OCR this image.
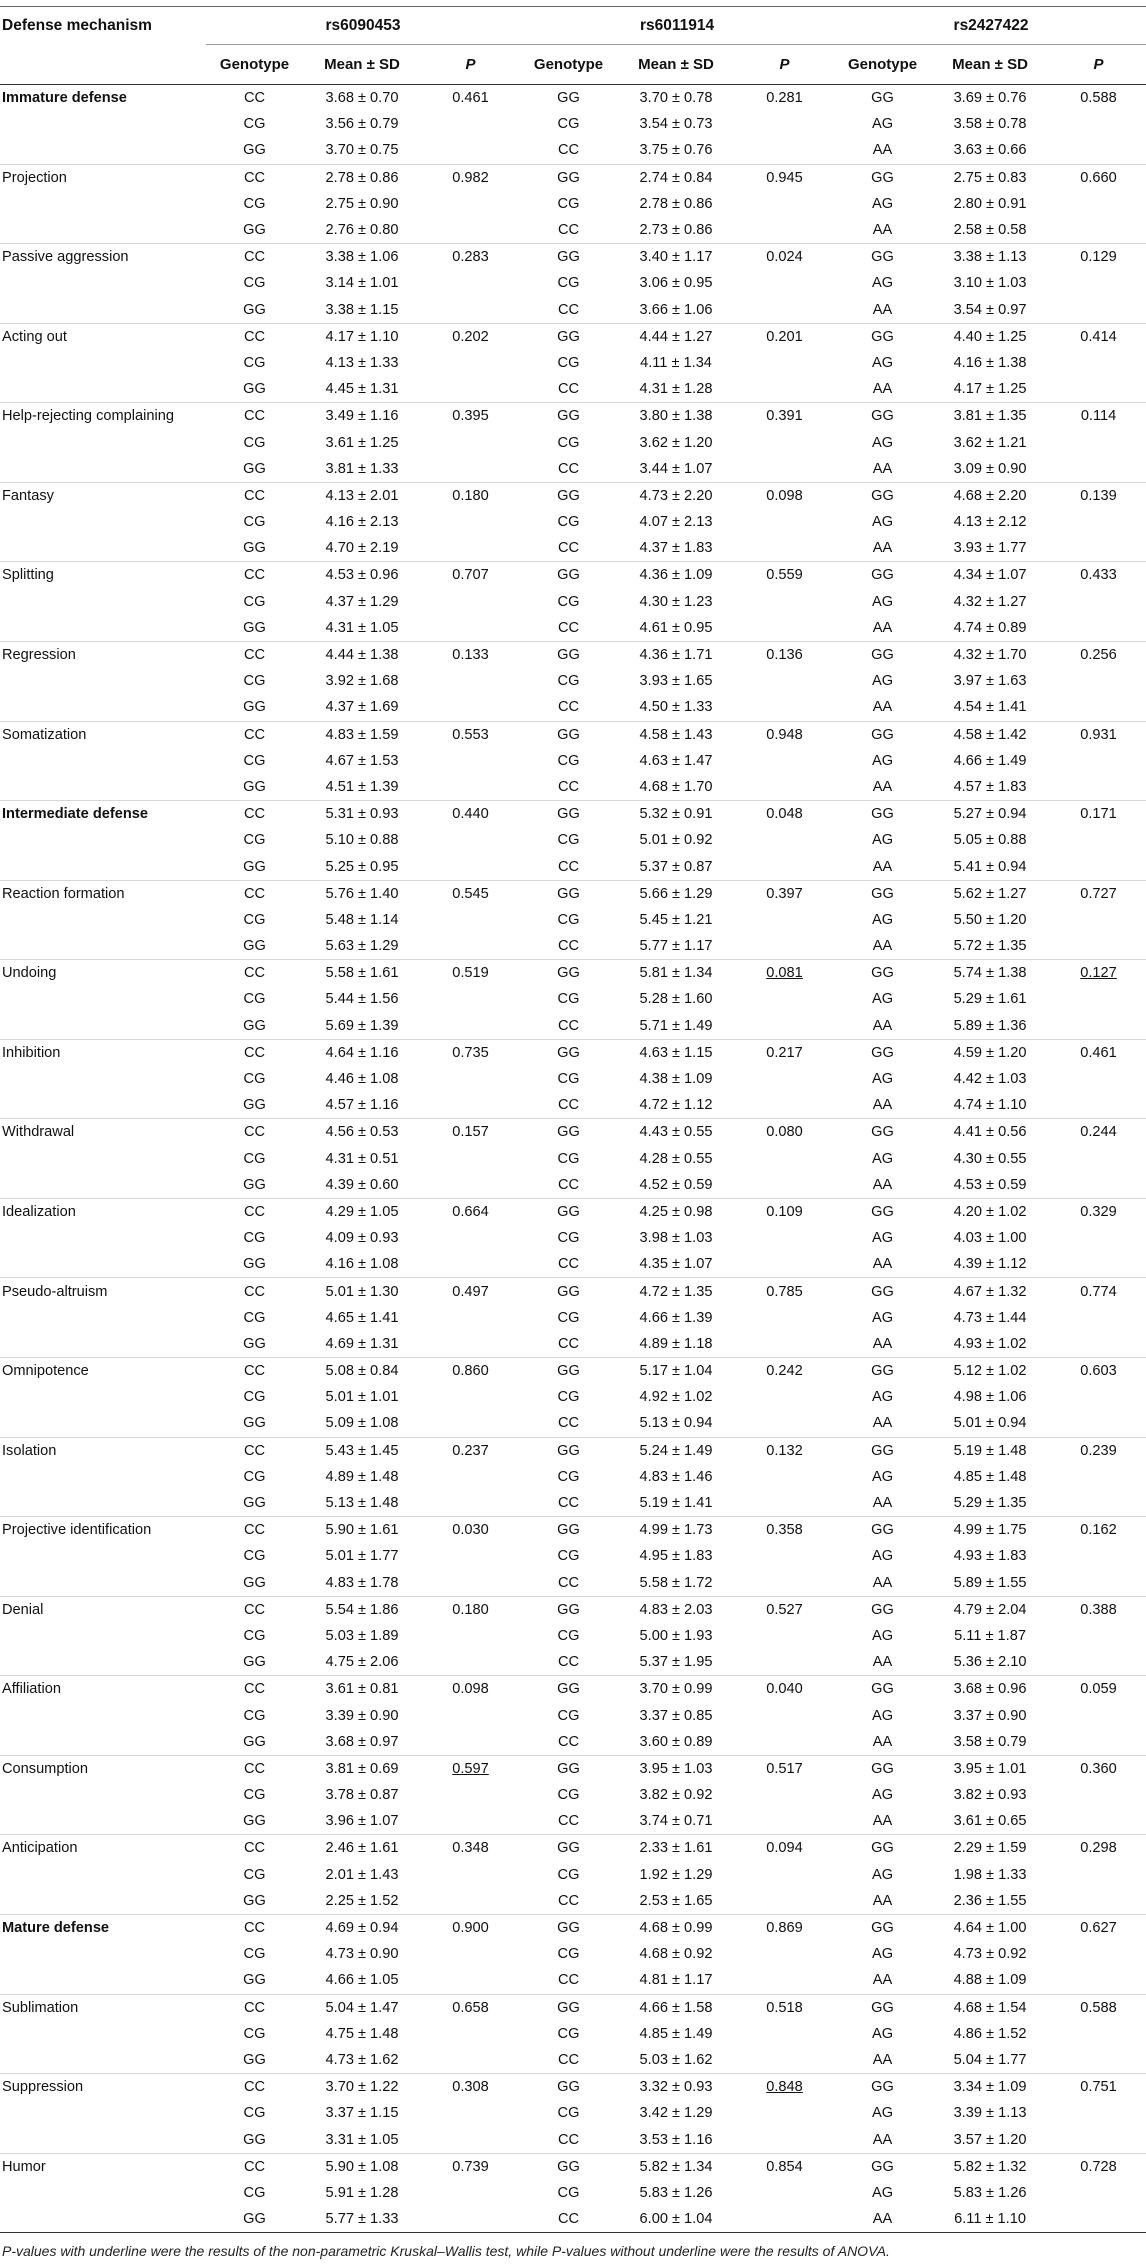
Defense mechanism	rs6090453			rs6011914			rs2427422		
	Genotype	Mean ± SD	P	Genotype	Mean ± SD	P	Genotype	Mean ± SD	P
Immature defense	CC	3.68 ± 0.70	0.461	GG	3.70 ± 0.78	0.281	GG	3.69 ± 0.76	0.588
	CG	3.56 ± 0.79		CG	3.54 ± 0.73		AG	3.58 ± 0.78	
	GG	3.70 ± 0.75		CC	3.75 ± 0.76		AA	3.63 ± 0.66	
Projection	CC	2.78 ± 0.86	0.982	GG	2.74 ± 0.84	0.945	GG	2.75 ± 0.83	0.660
	CG	2.75 ± 0.90		CG	2.78 ± 0.86		AG	2.80 ± 0.91	
	GG	2.76 ± 0.80		CC	2.73 ± 0.86		AA	2.58 ± 0.58	
Passive aggression	CC	3.38 ± 1.06	0.283	GG	3.40 ± 1.17	0.024	GG	3.38 ± 1.13	0.129
	CG	3.14 ± 1.01		CG	3.06 ± 0.95		AG	3.10 ± 1.03	
	GG	3.38 ± 1.15		CC	3.66 ± 1.06		AA	3.54 ± 0.97	
Acting out	CC	4.17 ± 1.10	0.202	GG	4.44 ± 1.27	0.201	GG	4.40 ± 1.25	0.414
	CG	4.13 ± 1.33		CG	4.11 ± 1.34		AG	4.16 ± 1.38	
	GG	4.45 ± 1.31		CC	4.31 ± 1.28		AA	4.17 ± 1.25	
Help-rejecting complaining	CC	3.49 ± 1.16	0.395	GG	3.80 ± 1.38	0.391	GG	3.81 ± 1.35	0.114
	CG	3.61 ± 1.25		CG	3.62 ± 1.20		AG	3.62 ± 1.21	
	GG	3.81 ± 1.33		CC	3.44 ± 1.07		AA	3.09 ± 0.90	
Fantasy	CC	4.13 ± 2.01	0.180	GG	4.73 ± 2.20	0.098	GG	4.68 ± 2.20	0.139
	CG	4.16 ± 2.13		CG	4.07 ± 2.13		AG	4.13 ± 2.12	
	GG	4.70 ± 2.19		CC	4.37 ± 1.83		AA	3.93 ± 1.77	
Splitting	CC	4.53 ± 0.96	0.707	GG	4.36 ± 1.09	0.559	GG	4.34 ± 1.07	0.433
	CG	4.37 ± 1.29		CG	4.30 ± 1.23		AG	4.32 ± 1.27	
	GG	4.31 ± 1.05		CC	4.61 ± 0.95		AA	4.74 ± 0.89	
Regression	CC	4.44 ± 1.38	0.133	GG	4.36 ± 1.71	0.136	GG	4.32 ± 1.70	0.256
	CG	3.92 ± 1.68		CG	3.93 ± 1.65		AG	3.97 ± 1.63	
	GG	4.37 ± 1.69		CC	4.50 ± 1.33		AA	4.54 ± 1.41	
Somatization	CC	4.83 ± 1.59	0.553	GG	4.58 ± 1.43	0.948	GG	4.58 ± 1.42	0.931
	CG	4.67 ± 1.53		CG	4.63 ± 1.47		AG	4.66 ± 1.49	
	GG	4.51 ± 1.39		CC	4.68 ± 1.70		AA	4.57 ± 1.83	
Intermediate defense	CC	5.31 ± 0.93	0.440	GG	5.32 ± 0.91	0.048	GG	5.27 ± 0.94	0.171
	CG	5.10 ± 0.88		CG	5.01 ± 0.92		AG	5.05 ± 0.88	
	GG	5.25 ± 0.95		CC	5.37 ± 0.87		AA	5.41 ± 0.94	
Reaction formation	CC	5.76 ± 1.40	0.545	GG	5.66 ± 1.29	0.397	GG	5.62 ± 1.27	0.727
	CG	5.48 ± 1.14		CG	5.45 ± 1.21		AG	5.50 ± 1.20	
	GG	5.63 ± 1.29		CC	5.77 ± 1.17		AA	5.72 ± 1.35	
Undoing	CC	5.58 ± 1.61	0.519	GG	5.81 ± 1.34	0.081	GG	5.74 ± 1.38	0.127
	CG	5.44 ± 1.56		CG	5.28 ± 1.60		AG	5.29 ± 1.61	
	GG	5.69 ± 1.39		CC	5.71 ± 1.49		AA	5.89 ± 1.36	
Inhibition	CC	4.64 ± 1.16	0.735	GG	4.63 ± 1.15	0.217	GG	4.59 ± 1.20	0.461
	CG	4.46 ± 1.08		CG	4.38 ± 1.09		AG	4.42 ± 1.03	
	GG	4.57 ± 1.16		CC	4.72 ± 1.12		AA	4.74 ± 1.10	
Withdrawal	CC	4.56 ± 0.53	0.157	GG	4.43 ± 0.55	0.080	GG	4.41 ± 0.56	0.244
	CG	4.31 ± 0.51		CG	4.28 ± 0.55		AG	4.30 ± 0.55	
	GG	4.39 ± 0.60		CC	4.52 ± 0.59		AA	4.53 ± 0.59	
Idealization	CC	4.29 ± 1.05	0.664	GG	4.25 ± 0.98	0.109	GG	4.20 ± 1.02	0.329
	CG	4.09 ± 0.93		CG	3.98 ± 1.03		AG	4.03 ± 1.00	
	GG	4.16 ± 1.08		CC	4.35 ± 1.07		AA	4.39 ± 1.12	
Pseudo-altruism	CC	5.01 ± 1.30	0.497	GG	4.72 ± 1.35	0.785	GG	4.67 ± 1.32	0.774
	CG	4.65 ± 1.41		CG	4.66 ± 1.39		AG	4.73 ± 1.44	
	GG	4.69 ± 1.31		CC	4.89 ± 1.18		AA	4.93 ± 1.02	
Omnipotence	CC	5.08 ± 0.84	0.860	GG	5.17 ± 1.04	0.242	GG	5.12 ± 1.02	0.603
	CG	5.01 ± 1.01		CG	4.92 ± 1.02		AG	4.98 ± 1.06	
	GG	5.09 ± 1.08		CC	5.13 ± 0.94		AA	5.01 ± 0.94	
Isolation	CC	5.43 ± 1.45	0.237	GG	5.24 ± 1.49	0.132	GG	5.19 ± 1.48	0.239
	CG	4.89 ± 1.48		CG	4.83 ± 1.46		AG	4.85 ± 1.48	
	GG	5.13 ± 1.48		CC	5.19 ± 1.41		AA	5.29 ± 1.35	
Projective identification	CC	5.90 ± 1.61	0.030	GG	4.99 ± 1.73	0.358	GG	4.99 ± 1.75	0.162
	CG	5.01 ± 1.77		CG	4.95 ± 1.83		AG	4.93 ± 1.83	
	GG	4.83 ± 1.78		CC	5.58 ± 1.72		AA	5.89 ± 1.55	
Denial	CC	5.54 ± 1.86	0.180	GG	4.83 ± 2.03	0.527	GG	4.79 ± 2.04	0.388
	CG	5.03 ± 1.89		CG	5.00 ± 1.93		AG	5.11 ± 1.87	
	GG	4.75 ± 2.06		CC	5.37 ± 1.95		AA	5.36 ± 2.10	
Affiliation	CC	3.61 ± 0.81	0.098	GG	3.70 ± 0.99	0.040	GG	3.68 ± 0.96	0.059
	CG	3.39 ± 0.90		CG	3.37 ± 0.85		AG	3.37 ± 0.90	
	GG	3.68 ± 0.97		CC	3.60 ± 0.89		AA	3.58 ± 0.79	
Consumption	CC	3.81 ± 0.69	0.597	GG	3.95 ± 1.03	0.517	GG	3.95 ± 1.01	0.360
	CG	3.78 ± 0.87		CG	3.82 ± 0.92		AG	3.82 ± 0.93	
	GG	3.96 ± 1.07		CC	3.74 ± 0.71		AA	3.61 ± 0.65	
Anticipation	CC	2.46 ± 1.61	0.348	GG	2.33 ± 1.61	0.094	GG	2.29 ± 1.59	0.298
	CG	2.01 ± 1.43		CG	1.92 ± 1.29		AG	1.98 ± 1.33	
	GG	2.25 ± 1.52		CC	2.53 ± 1.65		AA	2.36 ± 1.55	
Mature defense	CC	4.69 ± 0.94	0.900	GG	4.68 ± 0.99	0.869	GG	4.64 ± 1.00	0.627
	CG	4.73 ± 0.90		CG	4.68 ± 0.92		AG	4.73 ± 0.92	
	GG	4.66 ± 1.05		CC	4.81 ± 1.17		AA	4.88 ± 1.09	
Sublimation	CC	5.04 ± 1.47	0.658	GG	4.66 ± 1.58	0.518	GG	4.68 ± 1.54	0.588
	CG	4.75 ± 1.48		CG	4.85 ± 1.49		AG	4.86 ± 1.52	
	GG	4.73 ± 1.62		CC	5.03 ± 1.62		AA	5.04 ± 1.77	
Suppression	CC	3.70 ± 1.22	0.308	GG	3.32 ± 0.93	0.848	GG	3.34 ± 1.09	0.751
	CG	3.37 ± 1.15		CG	3.42 ± 1.29		AG	3.39 ± 1.13	
	GG	3.31 ± 1.05		CC	3.53 ± 1.16		AA	3.57 ± 1.20	
Humor	CC	5.90 ± 1.08	0.739	GG	5.82 ± 1.34	0.854	GG	5.82 ± 1.32	0.728
	CG	5.91 ± 1.28		CG	5.83 ± 1.26		AG	5.83 ± 1.26	
	GG	5.77 ± 1.33		CC	6.00 ± 1.04		AA	6.11 ± 1.10	
P-values with underline were the results of the non-parametric Kruskal–Wallis test, while P-values without underline were the results of ANOVA.
